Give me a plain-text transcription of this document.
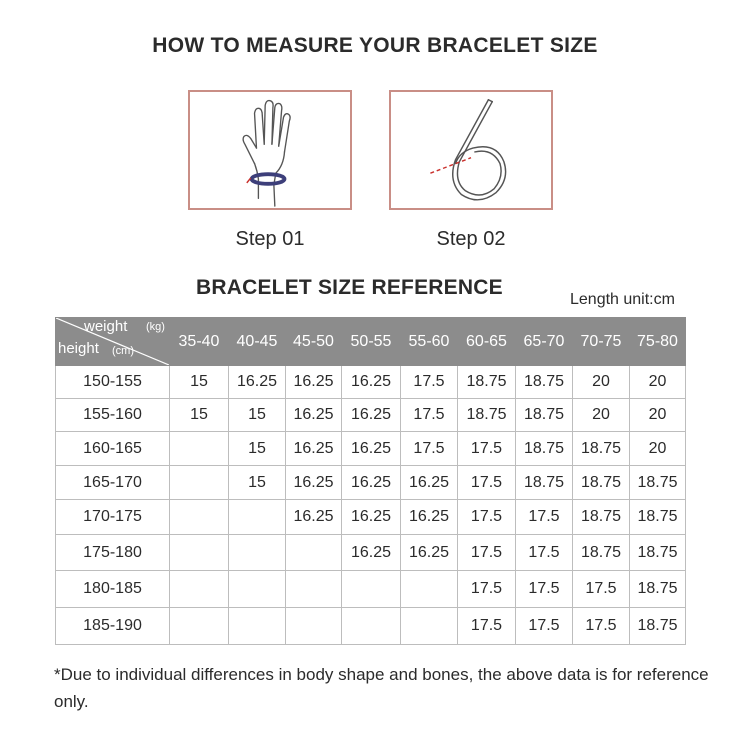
HOW TO MEASURE YOUR BRACELET SIZE
Step 01	Step 02
BRACELET SIZE REFERENCE
Length unit:cm
weight (kg)
height (cm)	35-40	40-45	45-50	50-55	55-60	60-65	65-70	70-75	75-80
150-155	15	16.25	16.25	16.25	17.5	18.75	18.75	20	20
155-160	15	15	16.25	16.25	17.5	18.75	18.75	20	20
160-165		15	16.25	16.25	17.5	17.5	18.75	18.75	20
165-170		15	16.25	16.25	16.25	17.5	18.75	18.75	18.75
170-175			16.25	16.25	16.25	17.5	17.5	18.75	18.75
175-180				16.25	16.25	17.5	17.5	18.75	18.75
180-185						17.5	17.5	17.5	18.75
185-190						17.5	17.5	17.5	18.75
*Due to individual differences in body shape and bones, the above data is for reference only.
